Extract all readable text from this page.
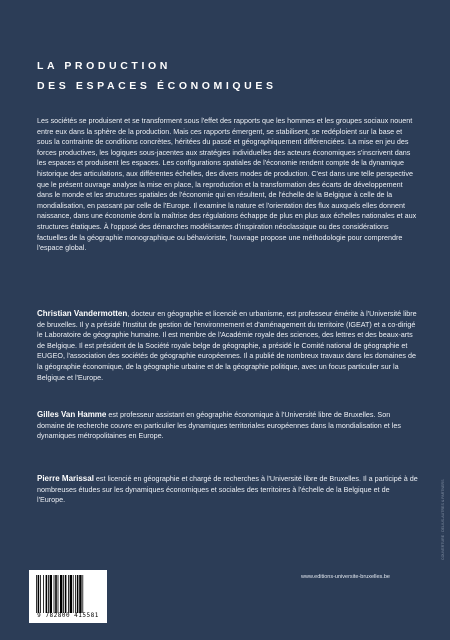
LA PRODUCTION
DES ESPACES ÉCONOMIQUES

Les sociétés se produisent et se transforment sous l'effet des rapports que les hommes et les groupes sociaux nouent entre eux dans la sphère de la production. Mais ces rapports émergent, se stabilisent, se redéploient sur la base et sous la contrainte de conditions concrètes, héritées du passé et géographiquement différenciées. La mise en jeu des forces productives, les logiques sous-jacentes aux stratégies individuelles des acteurs économiques s'inscrivent dans les espaces et produisent les espaces. Les configurations spatiales de l'économie rendent compte de la dynamique historique des articulations, aux différentes échelles, des divers modes de production. C'est dans une telle perspective que le présent ouvrage analyse la mise en place, la reproduction et la transformation des écarts de développement dans le monde et les structures spatiales de l'économie qui en résultent, de l'échelle de la Belgique à celle de la mondialisation, en passant par celle de l'Europe. Il examine la nature et l'orientation des flux auxquels elles donnent naissance, dans une économie dont la maîtrise des régulations échappe de plus en plus aux échelles nationales et aux structures étatiques. À l'opposé des démarches modélisantes d'inspiration néoclassique ou des considérations factuelles de la géographie monographique ou béhavioriste, l'ouvrage propose une méthodologie pour comprendre l'espace global.

Christian Vandermotten, docteur en géographie et licencié en urbanisme, est professeur émérite à l'Université libre de bruxelles. Il y a présidé l'Institut de gestion de l'environnement et d'aménagement du territoire (IGEAT) et a co-dirigé le Laboratoire de géographie humaine. Il est membre de l'Académie royale des sciences, des lettres et des beaux-arts de Belgique. Il est président de la Société royale belge de géographie, a présidé le Comité national de géographie et EUGEO, l'association des sociétés de géographie européennes. Il a publié de nombreux travaux dans les domaines de la géographie économique, de la géographie urbaine et de la géographie politique, avec un focus particulier sur la Belgique et l'Europe.

Gilles Van Hamme est professeur assistant en géographie économique à l'Université libre de Bruxelles. Son domaine de recherche couvre en particulier les dynamiques territoriales européennes dans la mondialisation et les dynamiques métropolitaines en Europe.

Pierre Marissal est licencié en géographie et chargé de recherches à l'Université libre de Bruxelles. Il a participé à de nombreuses études sur les dynamiques économiques et sociales des territoires à l'échelle de la Belgique et de l'Europe.

www.editions-universite-bruxelles.be
9 782800 415581
COUVERTURE : DELIUS-AUTRES & PARTNERS
